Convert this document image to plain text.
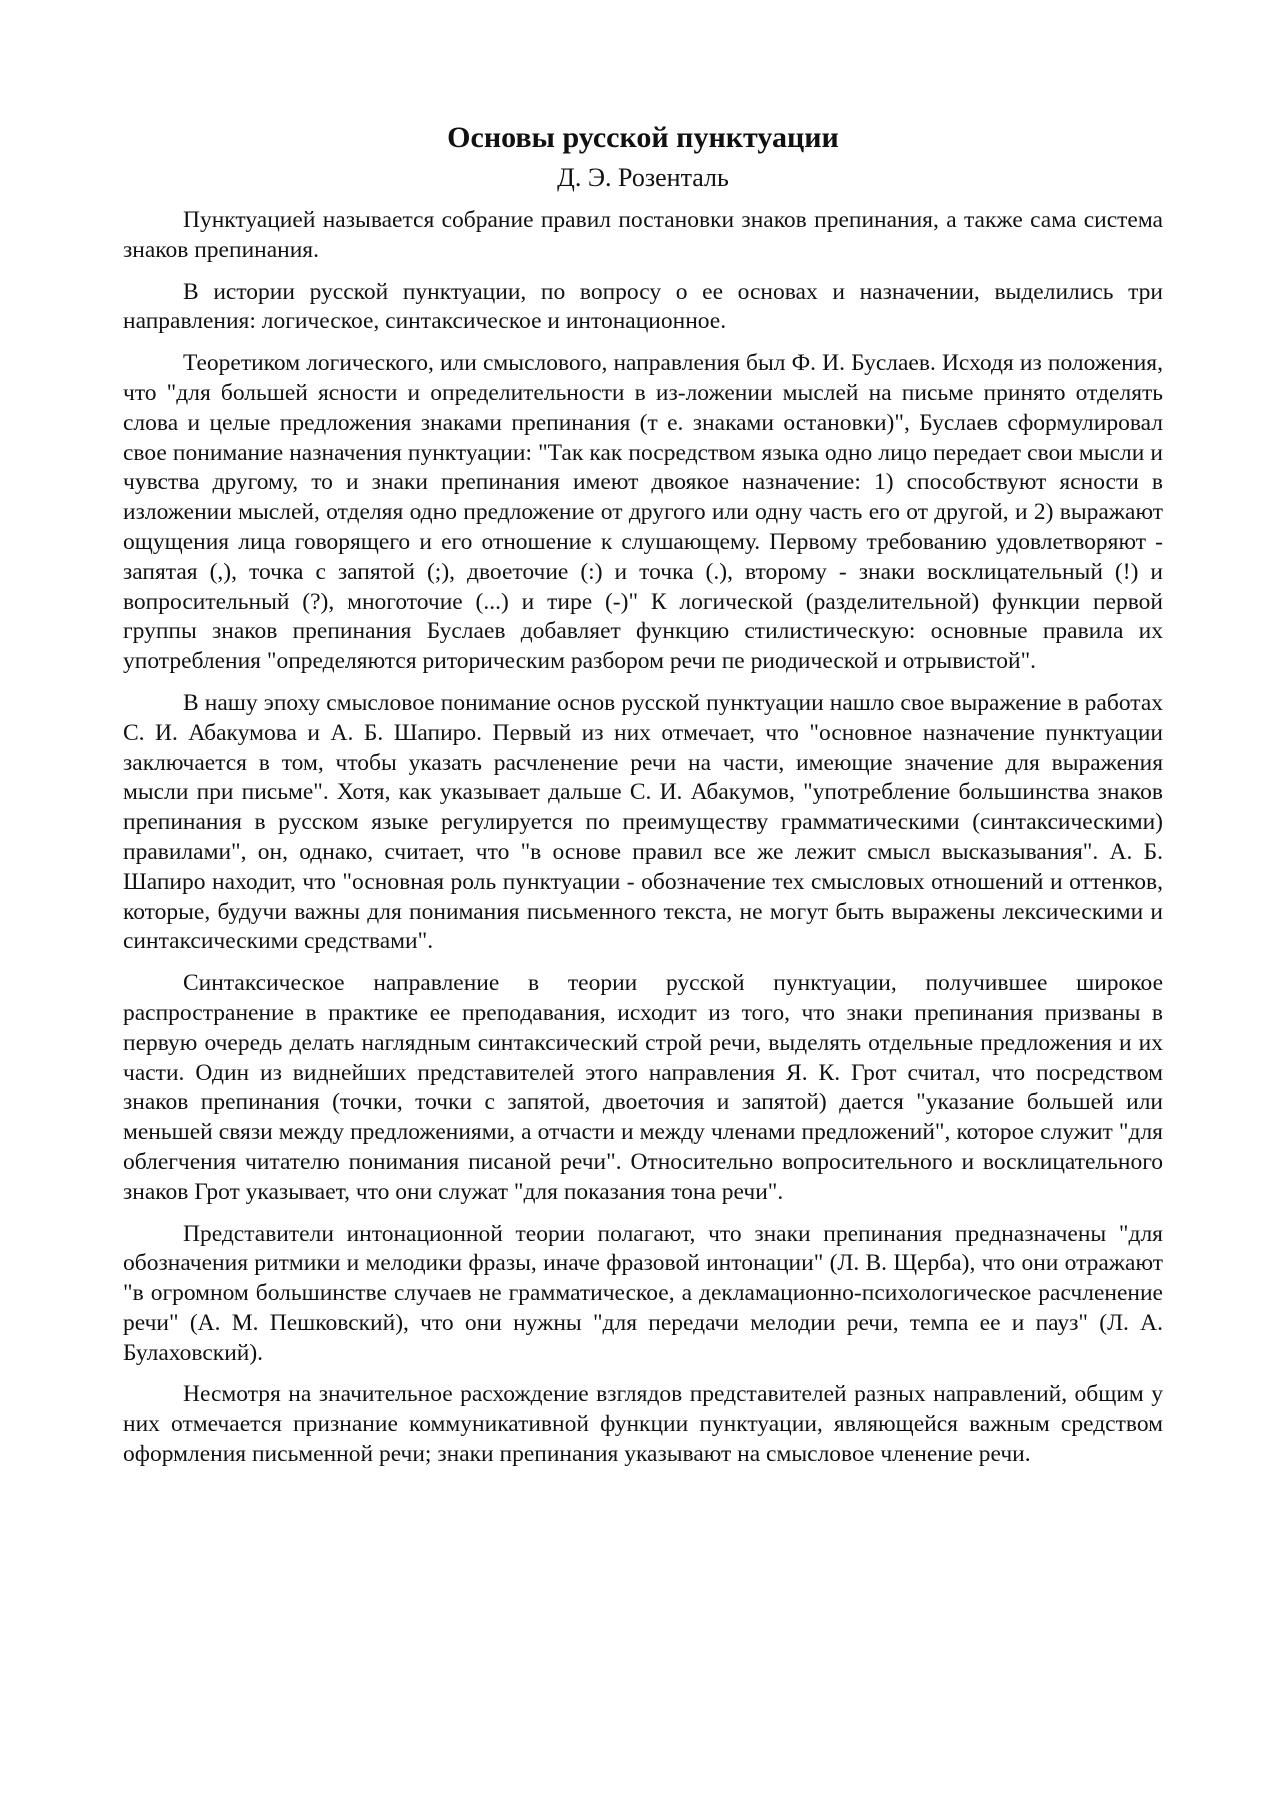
Основы русской пунктуации
Д. Э. Розенталь

Пунктуацией называется собрание правил постановки знаков препинания, а также сама система знаков препинания.

В истории русской пунктуации, по вопросу о ее основах и назначении, выделились три направления: логическое, синтаксическое и интонационное.

Теоретиком логического, или смыслового, направления был Ф. И. Буслаев. Исходя из положения, что "для большей ясности и определительности в из-ложении мыслей на письме принято отделять слова и целые предложения знаками препинания (т е. знаками остановки)", Буслаев сформулировал свое понимание назначения пунктуации: "Так как посредством языка одно лицо передает свои мысли и чувства другому, то и знаки препинания имеют двоякое назначение: 1) способствуют ясности в изложении мыслей, отделяя одно предложение от другого или одну часть его от другой, и 2) выражают ощущения лица говорящего и его отношение к слушающему. Первому требованию удовлетворяют - запятая (,), точка с запятой (;), двоеточие (:) и точка (.), второму - знаки восклицательный (!) и вопросительный (?), многоточие (...) и тире (-)" К логической (разделительной) функции первой группы знаков препинания Буслаев добавляет функцию стилистическую: основные правила их употребления "определяются риторическим разбором речи пе риодической и отрывистой".

В нашу эпоху смысловое понимание основ русской пунктуации нашло свое выражение в работах С. И. Абакумова и А. Б. Шапиро. Первый из них отмечает, что "основное назначение пунктуации заключается в том, чтобы указать расчленение речи на части, имеющие значение для выражения мысли при письме". Хотя, как указывает дальше С. И. Абакумов, "употребление большинства знаков препинания в русском языке регулируется по преимуществу грамматическими (синтаксическими) правилами", он, однако, считает, что "в основе правил все же лежит смысл высказывания". А. Б. Шапиро находит, что "основная роль пунктуации - обозначение тех смысловых отношений и оттенков, которые, будучи важны для понимания письменного текста, не могут быть выражены лексическими и синтаксическими средствами".

Синтаксическое направление в теории русской пунктуации, получившее широкое распространение в практике ее преподавания, исходит из того, что знаки препинания призваны в первую очередь делать наглядным синтаксический строй речи, выделять отдельные предложения и их части. Один из виднейших представителей этого направления Я. К. Грот считал, что посредством знаков препинания (точки, точки с запятой, двоеточия и запятой) дается "указание большей или меньшей связи между предложениями, а отчасти и между членами предложений", которое служит "для облегчения читателю понимания писаной речи". Относительно вопросительного и восклицательного знаков Грот указывает, что они служат "для показания тона речи".

Представители интонационной теории полагают, что знаки препинания предназначены "для обозначения ритмики и мелодики фразы, иначе фразовой интонации" (Л. В. Щерба), что они отражают "в огромном большинстве случаев не грамматическое, а декламационно-психологическое расчленение речи" (А. М. Пешковский), что они нужны "для передачи мелодии речи, темпа ее и пауз" (Л. А. Булаховский).

Несмотря на значительное расхождение взглядов представителей разных направлений, общим у них отмечается признание коммуникативной функции пунктуации, являющейся важным средством оформления письменной речи; знаки препинания указывают на смысловое членение речи.
